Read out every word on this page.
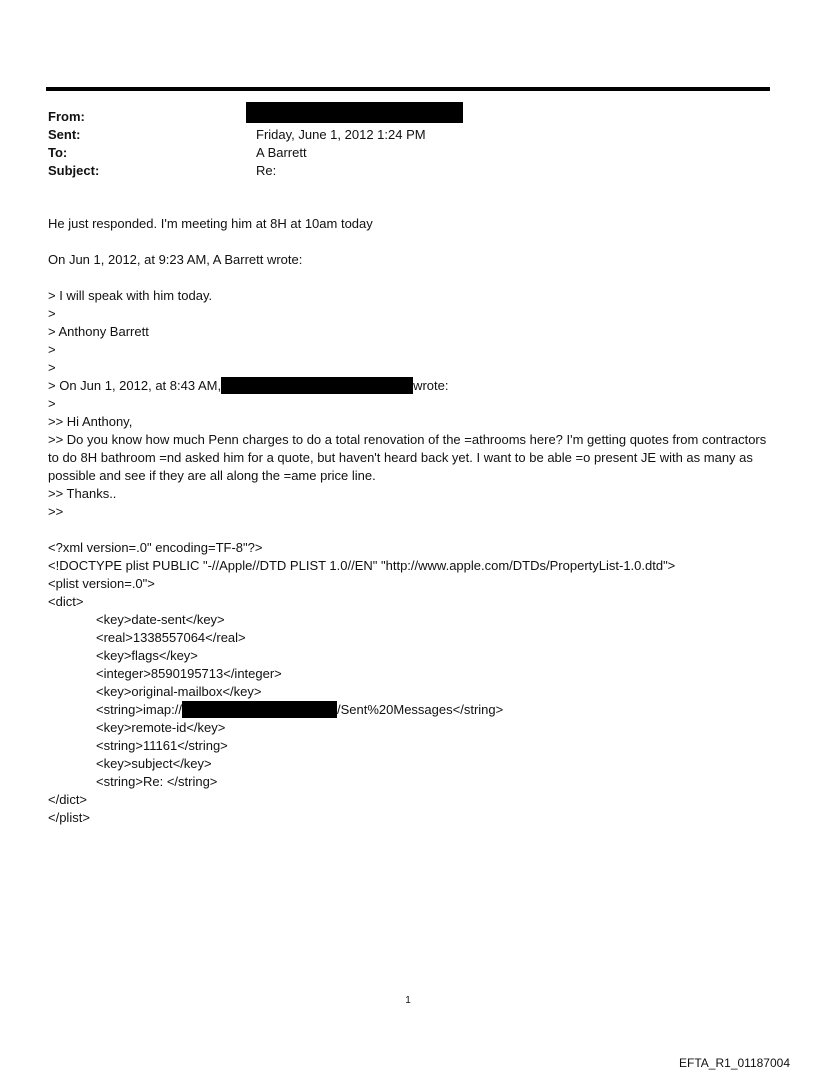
From:
Sent:	Friday, June 1, 2012 1:24 PM
To:	A Barrett
Subject:	Re:
He just responded. I'm meeting him at 8H at 10am today
On Jun 1, 2012, at 9:23 AM, A Barrett wrote:
> I will speak with him today.
>
> Anthony Barrett
>
>
> On Jun 1, 2012, at 8:43 AM,	wrote:
>
>> Hi Anthony,
>> Do you know how much Penn charges to do a total renovation of the =athrooms here? I'm getting quotes from contractors to do 8H bathroom =nd asked him for a quote, but haven't heard back yet. I want to be able =o present JE with as many as possible and see if they are all along the =ame price line.
>> Thanks..
>>
<?xml version=.0" encoding=TF-8"?>
<!DOCTYPE plist PUBLIC "-//Apple//DTD PLIST 1.0//EN" "http://www.apple.com/DTDs/PropertyList-1.0.dtd">
<plist version=.0">
<dict>
<key>date-sent</key>
<real>1338557064</real>
<key>flags</key>
<integer>8590195713</integer>
<key>original-mailbox</key>
<string>imap://	/Sent%20Messages</string>
<key>remote-id</key>
<string>11161</string>
<key>subject</key>
<string>Re: </string>
</dict>
</plist>
1
EFTA_R1_01187004
